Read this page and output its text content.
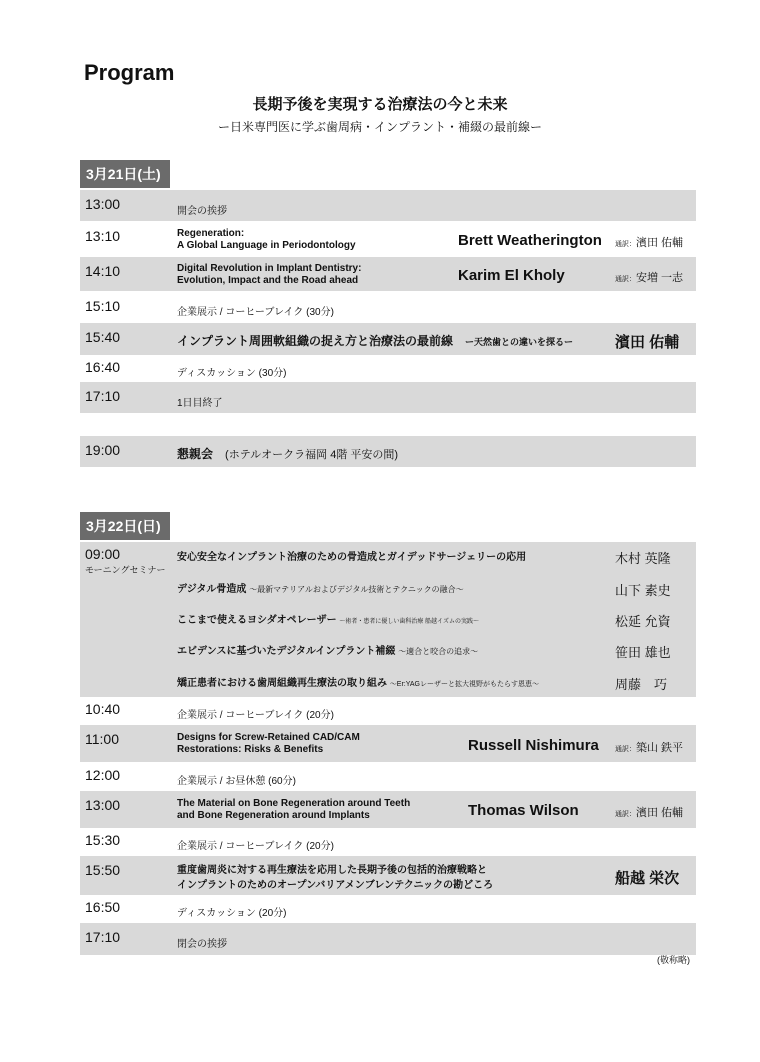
Program
長期予後を実現する治療法の今と未来
ー日米専門医に学ぶ歯周病・インプラント・補綴の最前線ー
3月21日(土)
13:00	開会の挨拶
13:10	Regeneration:
A Global Language in Periodontology	Brett Weatherington 通訳：濱田 佑輔
14:10	Digital Revolution in Implant Dentistry:
Evolution, Impact and the Road ahead	Karim El Kholy	通訳：安増 一志
15:10	企業展示 / コーヒーブレイク (30分)
15:40	インプラント周囲軟組織の捉え方と治療法の最前線　 ー天然歯との違いを探るー	濱田 佑輔
16:40	ディスカッション (30分)
17:10	1日目終了
19:00	懇親会　 (ホテルオークラ福岡 4階 平安の間)
3月22日(日)
09:00
モーニングセミナー
安心安全なインプラント治療のための骨造成とガイデッドサージェリーの応用	木村 英隆
デジタル骨造成 ～最新マテリアルおよびデジタル技術とテクニックの融合～	山下 素史
ここまで使えるヨシダオペレーザー ～術者・患者に優しい歯科治療 船越イズムの実践～	松延 允資
エビデンスに基づいたデジタルインプラント補綴 ～適合と咬合の追求～	笹田 雄也
矯正患者における歯周組織再生療法の取り組み ～Er:YAGレーザーと拡大視野がもたらす恩恵～	周藤　巧
10:40	企業展示 / コーヒーブレイク (20分)
11:00	Designs for Screw-Retained CAD/CAM
Restorations: Risks & Benefits	Russell Nishimura 通訳：築山 鉄平
12:00	企業展示 / お昼休憩 (60分)
13:00	The Material on Bone Regeneration around Teeth
and Bone Regeneration around Implants	Thomas Wilson	通訳：濱田 佑輔
15:30	企業展示 / コーヒーブレイク (20分)
15:50	重度歯周炎に対する再生療法を応用した長期予後の包括的治療戦略と
インプラントのためのオープンバリアメンブレンテクニックの勘どころ	船越 栄次
16:50	ディスカッション (20分)
17:10	閉会の挨拶
(敬称略)
